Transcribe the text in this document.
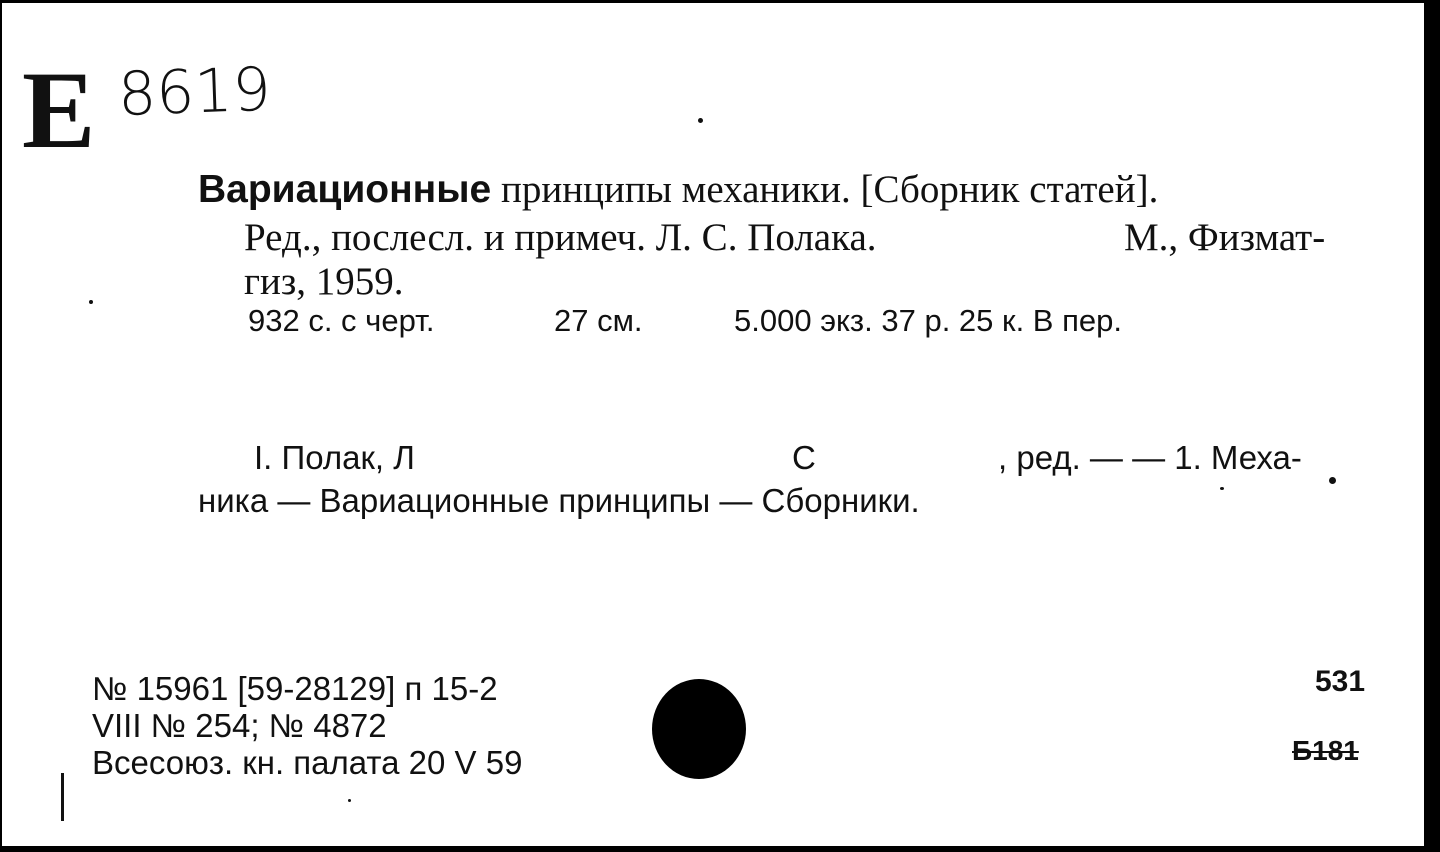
Е 8619
Вариационные принципы механики. [Сборник статей].
Ред., послесл. и примеч. Л. С. Полака.	М., Физмат-
гиз, 1959.
932 с. с черт.	27 см.	5.000 экз. 37 р. 25 к. В пер.
I. Полак, Л	С	, ред. — — 1. Меха-
ника — Вариационные принципы — Сборники.
№ 15961 [59-28129] п 15-2
VIII № 254; № 4872
Всесоюз. кн. палата 20 V 59
531
Б181
